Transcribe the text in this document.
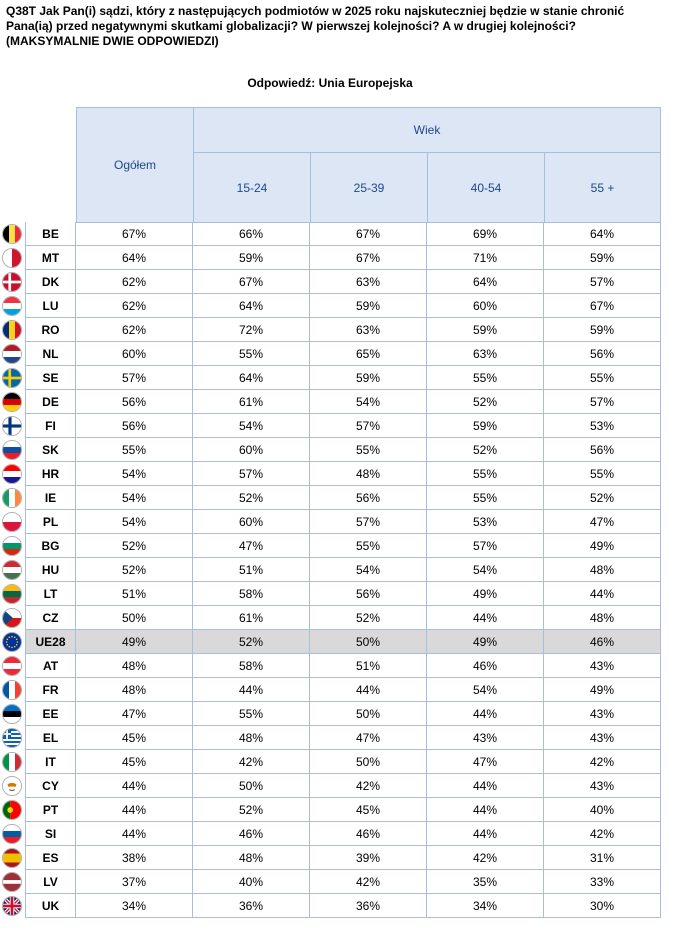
Q38T Jak Pan(i) sądzi, który z następujących podmiotów w 2025 roku najskuteczniej będzie w stanie chronić
Pana(ią) przed negatywnymi skutkami globalizacji? W pierwszej kolejności? A w drugiej kolejności?
(MAKSYMALNIE DWIE ODPOWIEDZI)
Odpowiedź: Unia Europejska
Ogółem
Wiek
15-24	25-39	40-54	55 +
BE	67%	66%	67%	69%	64%
MT	64%	59%	67%	71%	59%
DK	62%	67%	63%	64%	57%
LU	62%	64%	59%	60%	67%
RO	62%	72%	63%	59%	59%
NL	60%	55%	65%	63%	56%
SE	57%	64%	59%	55%	55%
DE	56%	61%	54%	52%	57%
FI	56%	54%	57%	59%	53%
SK	55%	60%	55%	52%	56%
HR	54%	57%	48%	55%	55%
IE	54%	52%	56%	55%	52%
PL	54%	60%	57%	53%	47%
BG	52%	47%	55%	57%	49%
HU	52%	51%	54%	54%	48%
LT	51%	58%	56%	49%	44%
CZ	50%	61%	52%	44%	48%
UE28	49%	52%	50%	49%	46%
AT	48%	58%	51%	46%	43%
FR	48%	44%	44%	54%	49%
EE	47%	55%	50%	44%	43%
EL	45%	48%	47%	43%	43%
IT	45%	42%	50%	47%	42%
CY	44%	50%	42%	44%	43%
PT	44%	52%	45%	44%	40%
SI	44%	46%	46%	44%	42%
ES	38%	48%	39%	42%	31%
LV	37%	40%	42%	35%	33%
UK	34%	36%	36%	34%	30%
